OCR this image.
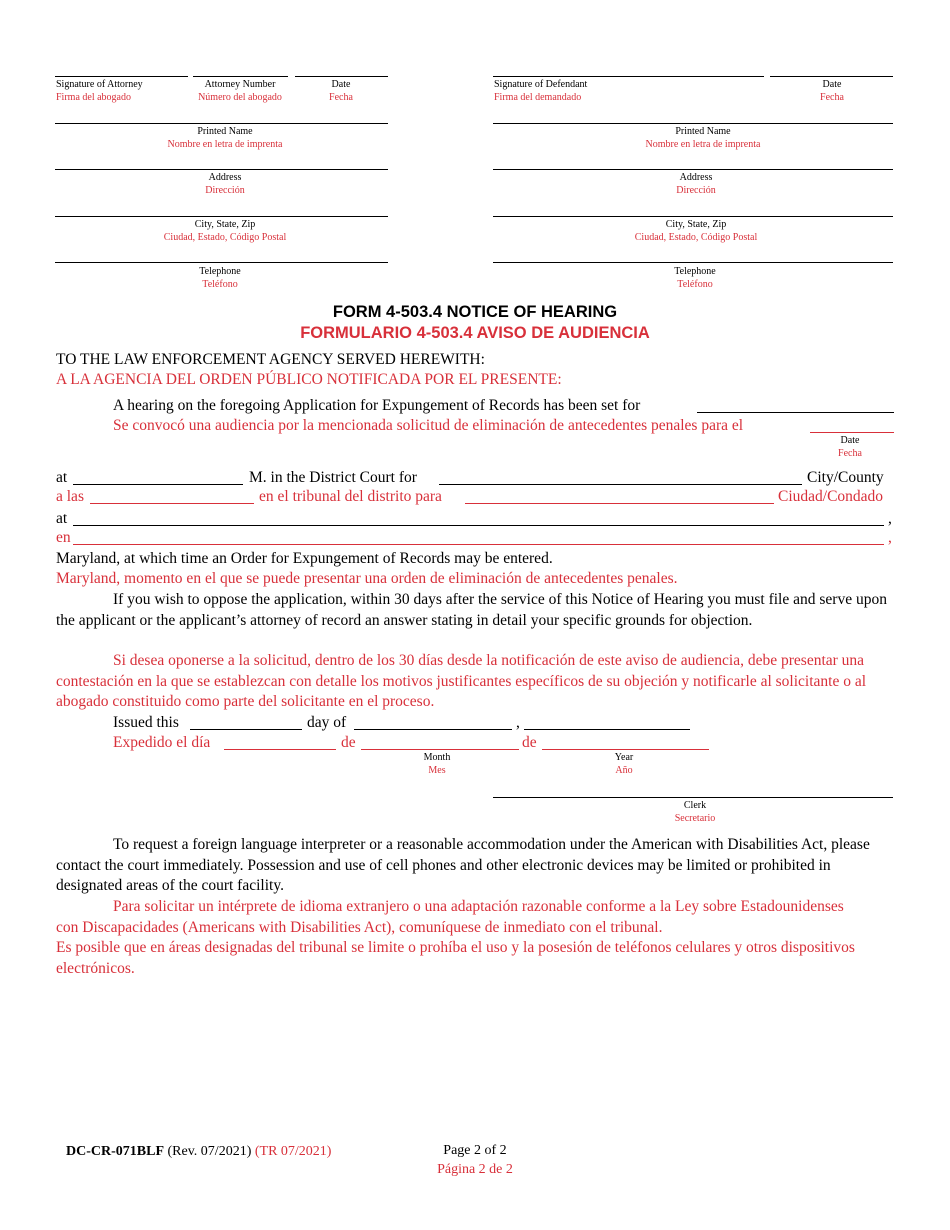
Signature of Attorney
Firma del abogado
Attorney Number
Número del abogado
Date
Fecha
Printed Name
Nombre en letra de imprenta
Address
Dirección
City, State, Zip
Ciudad, Estado, Código Postal
Telephone
Teléfono
Signature of Defendant
Firma del demandado
Date
Fecha
Printed Name
Nombre en letra de imprenta
Address
Dirección
City, State, Zip
Ciudad, Estado, Código Postal
Telephone
Teléfono
FORM 4-503.4 NOTICE OF HEARING
FORMULARIO 4-503.4 AVISO DE AUDIENCIA
TO THE LAW ENFORCEMENT AGENCY SERVED HEREWITH:
A LA AGENCIA DEL ORDEN PÚBLICO NOTIFICADA POR EL PRESENTE:
A hearing on the foregoing Application for Expungement of Records has been set for
Se convocó una audiencia por la mencionada solicitud de eliminación de antecedentes penales para el
Date
Fecha
at	M. in the District Court for	City/County
a las	en el tribunal del distrito para	Ciudad/Condado
at	,
en	,
Maryland, at which time an Order for Expungement of Records may be entered.
Maryland, momento en el que se puede presentar una orden de eliminación de antecedentes penales.
If you wish to oppose the application, within 30 days after the service of this Notice of Hearing you must file and serve upon the applicant or the applicant’s attorney of record an answer stating in detail your specific grounds for objection.
Si desea oponerse a la solicitud, dentro de los 30 días desde la notificación de este aviso de audiencia, debe presentar una contestación en la que se establezcan con detalle los motivos justificantes específicos de su objeción y notificarle al solicitante o al abogado constituido como parte del solicitante en el proceso.
Issued this	day of	,
Expedido el día	de	de
Month
Mes
Year
Año
Clerk
Secretario
To request a foreign language interpreter or a reasonable accommodation under the American with Disabilities Act, please contact the court immediately. Possession and use of cell phones and other electronic devices may be limited or prohibited in designated areas of the court facility.
Para solicitar un intérprete de idioma extranjero o una adaptación razonable conforme a la Ley sobre Estadounidenses con Discapacidades (Americans with Disabilities Act), comuníquese de inmediato con el tribunal.
Es posible que en áreas designadas del tribunal se limite o prohíba el uso y la posesión de teléfonos celulares y otros dispositivos electrónicos.
DC-CR-071BLF (Rev. 07/2021) (TR 07/2021)	Page 2 of 2
Página 2 de 2
